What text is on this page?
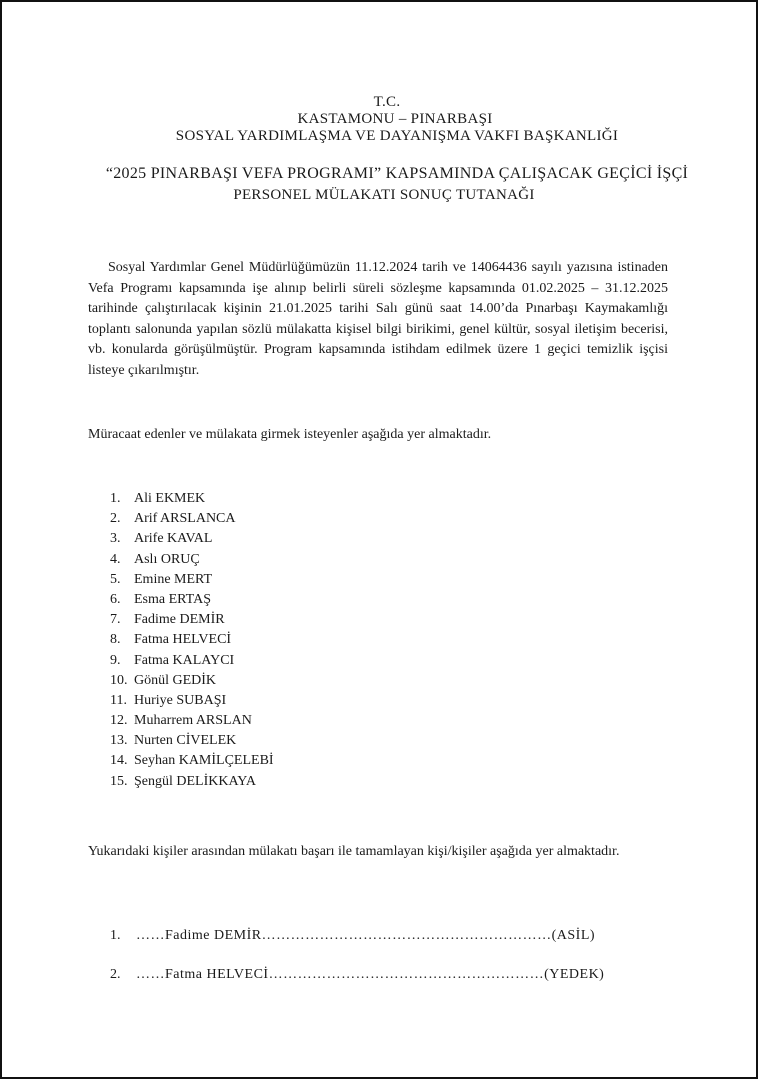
T.C.
KASTAMONU – PINARBAŞI
SOSYAL YARDIMLAŞMA VE DAYANIŞMA VAKFI BAŞKANLIĞI
“2025 PINARBAŞI VEFA PROGRAMI” KAPSAMINDA ÇALIŞACAK GEÇİCİ İŞÇİ
PERSONEL MÜLAKATI SONUÇ TUTANAĞI
Sosyal Yardımlar Genel Müdürlüğümüzün 11.12.2024 tarih ve 14064436 sayılı yazısına istinaden Vefa Programı kapsamında işe alınıp belirli süreli sözleşme kapsamında 01.02.2025 – 31.12.2025 tarihinde çalıştırılacak kişinin 21.01.2025 tarihi Salı günü saat 14.00’da Pınarbaşı Kaymakamlığı toplantı salonunda yapılan sözlü mülakatta kişisel bilgi birikimi, genel kültür, sosyal iletişim becerisi, vb. konularda görüşülmüştür. Program kapsamında istihdam edilmek üzere 1 geçici temizlik işçisi listeye çıkarılmıştır.
Müracaat edenler ve mülakata girmek isteyenler aşağıda yer almaktadır.
1. Ali EKMEK
2. Arif ARSLANCA
3. Arife KAVAL
4. Aslı ORUÇ
5. Emine MERT
6. Esma ERTAŞ
7. Fadime DEMİR
8. Fatma HELVECİ
9. Fatma KALAYCI
10. Gönül GEDİK
11. Huriye SUBAŞI
12. Muharrem ARSLAN
13. Nurten CİVELEK
14. Seyhan KAMİLÇELEBİ
15. Şengül DELİKKAYA
Yukarıdaki kişiler arasından mülakatı başarı ile tamamlayan kişi/kişiler aşağıda yer almaktadır.
1. ……Fadime DEMİR……………………………………………………(ASİL)
2. ……Fatma HELVECİ…………………………………………………(YEDEK)
